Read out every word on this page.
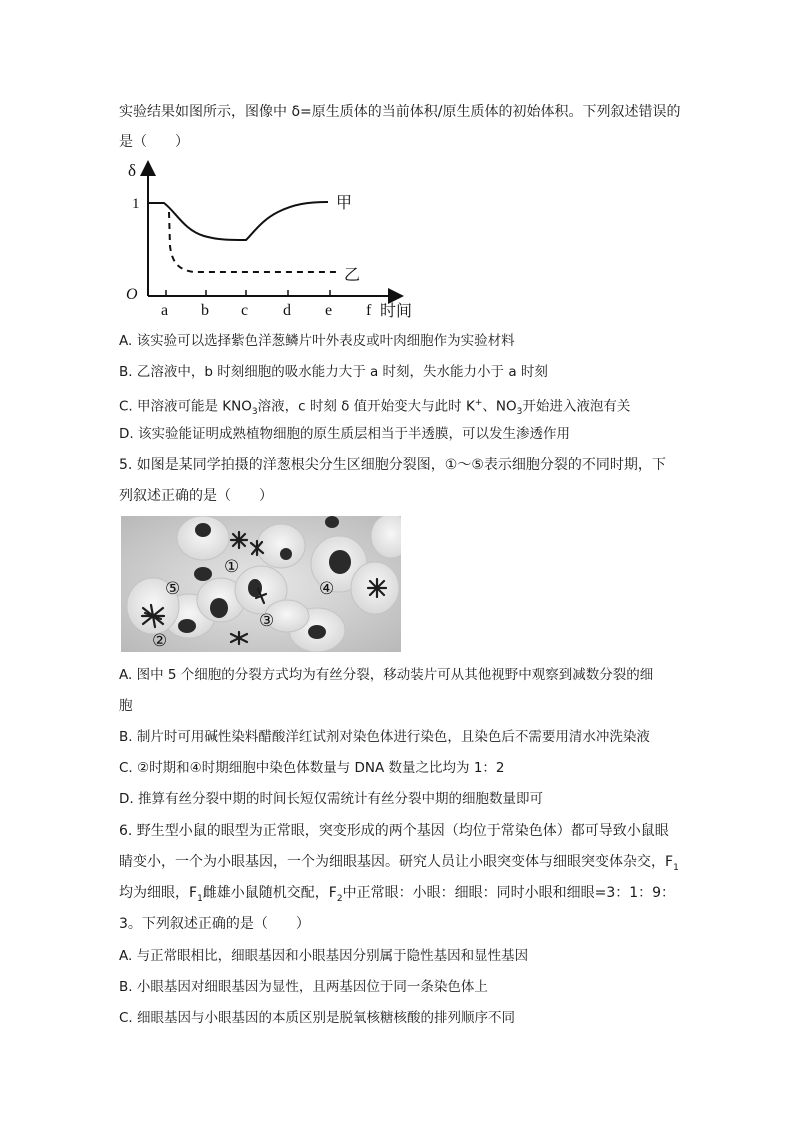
实验结果如图所示，图像中 δ=原生质体的当前体积/原生质体的初始体积。下列叙述错误的
是（　　）
δ
1
O
a b c d e f 时间
甲
乙
A. 该实验可以选择紫色洋葱鳞片叶外表皮或叶肉细胞作为实验材料
B. 乙溶液中，b 时刻细胞的吸水能力大于 a 时刻，失水能力小于 a 时刻
C. 甲溶液可能是 $KNO_3$溶液，c 时刻 δ 值开始变大与此时 K+、$NO_3$开始进入液泡有关
D. 该实验能证明成熟植物细胞的原生质层相当于半透膜，可以发生渗透作用
5. 如图是某同学拍摄的洋葱根尖分生区细胞分裂图，①～⑤表示细胞分裂的不同时期，下
列叙述正确的是（　　）
①
②
③
④
⑤
A. 图中 5 个细胞的分裂方式均为有丝分裂，移动装片可从其他视野中观察到减数分裂的细
胞
B. 制片时可用碱性染料醋酸洋红试剂对染色体进行染色，且染色后不需要用清水冲洗染液
C. ②时期和④时期细胞中染色体数量与 DNA 数量之比均为 1：2
D. 推算有丝分裂中期的时间长短仅需统计有丝分裂中期的细胞数量即可
6. 野生型小鼠的眼型为正常眼，突变形成的两个基因（均位于常染色体）都可导致小鼠眼
睛变小，一个为小眼基因，一个为细眼基因。研究人员让小眼突变体与细眼突变体杂交，$F_1$
均为细眼，$F_1$雌雄小鼠随机交配，$F_2$中正常眼：小眼：细眼：同时小眼和细眼=3：1：9：
3。下列叙述正确的是（　　）
A. 与正常眼相比，细眼基因和小眼基因分别属于隐性基因和显性基因
B. 小眼基因对细眼基因为显性，且两基因位于同一条染色体上
C. 细眼基因与小眼基因的本质区别是脱氧核糖核酸的排列顺序不同
